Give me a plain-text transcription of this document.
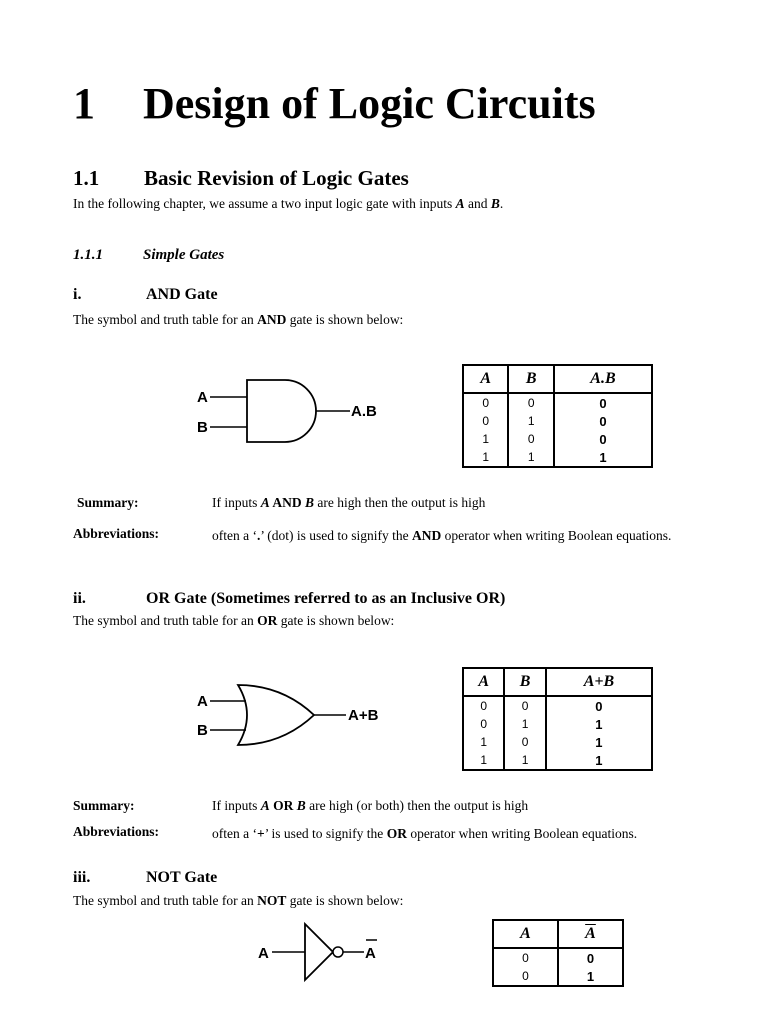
1 Design of Logic Circuits
1.1 Basic Revision of Logic Gates
In the following chapter, we assume a two input logic gate with inputs A and B.
1.1.1	Simple Gates
i.	AND Gate
The symbol and truth table for an AND gate is shown below:
A
B
A.B
A	B	A.B
0	0	0
0	1	0
1	0	0
1	1	1
Summary:	If inputs A AND B are high then the output is high
Abbreviations:	often a ‘.’ (dot) is used to signify the AND operator when writing Boolean equations.
ii.	OR Gate (Sometimes referred to as an Inclusive OR)
The symbol and truth table for an OR gate is shown below:
A
B
A+B
A	B	A+B
0	0	0
0	1	1
1	0	1
1	1	1
Summary:	If inputs A OR B are high (or both) then the output is high
Abbreviations:	often a ‘+’ is used to signify the OR operator when writing Boolean equations.
iii.	NOT Gate
The symbol and truth table for an NOT gate is shown below:
A	A
A	$\overline{A}$
0	0
0	1
